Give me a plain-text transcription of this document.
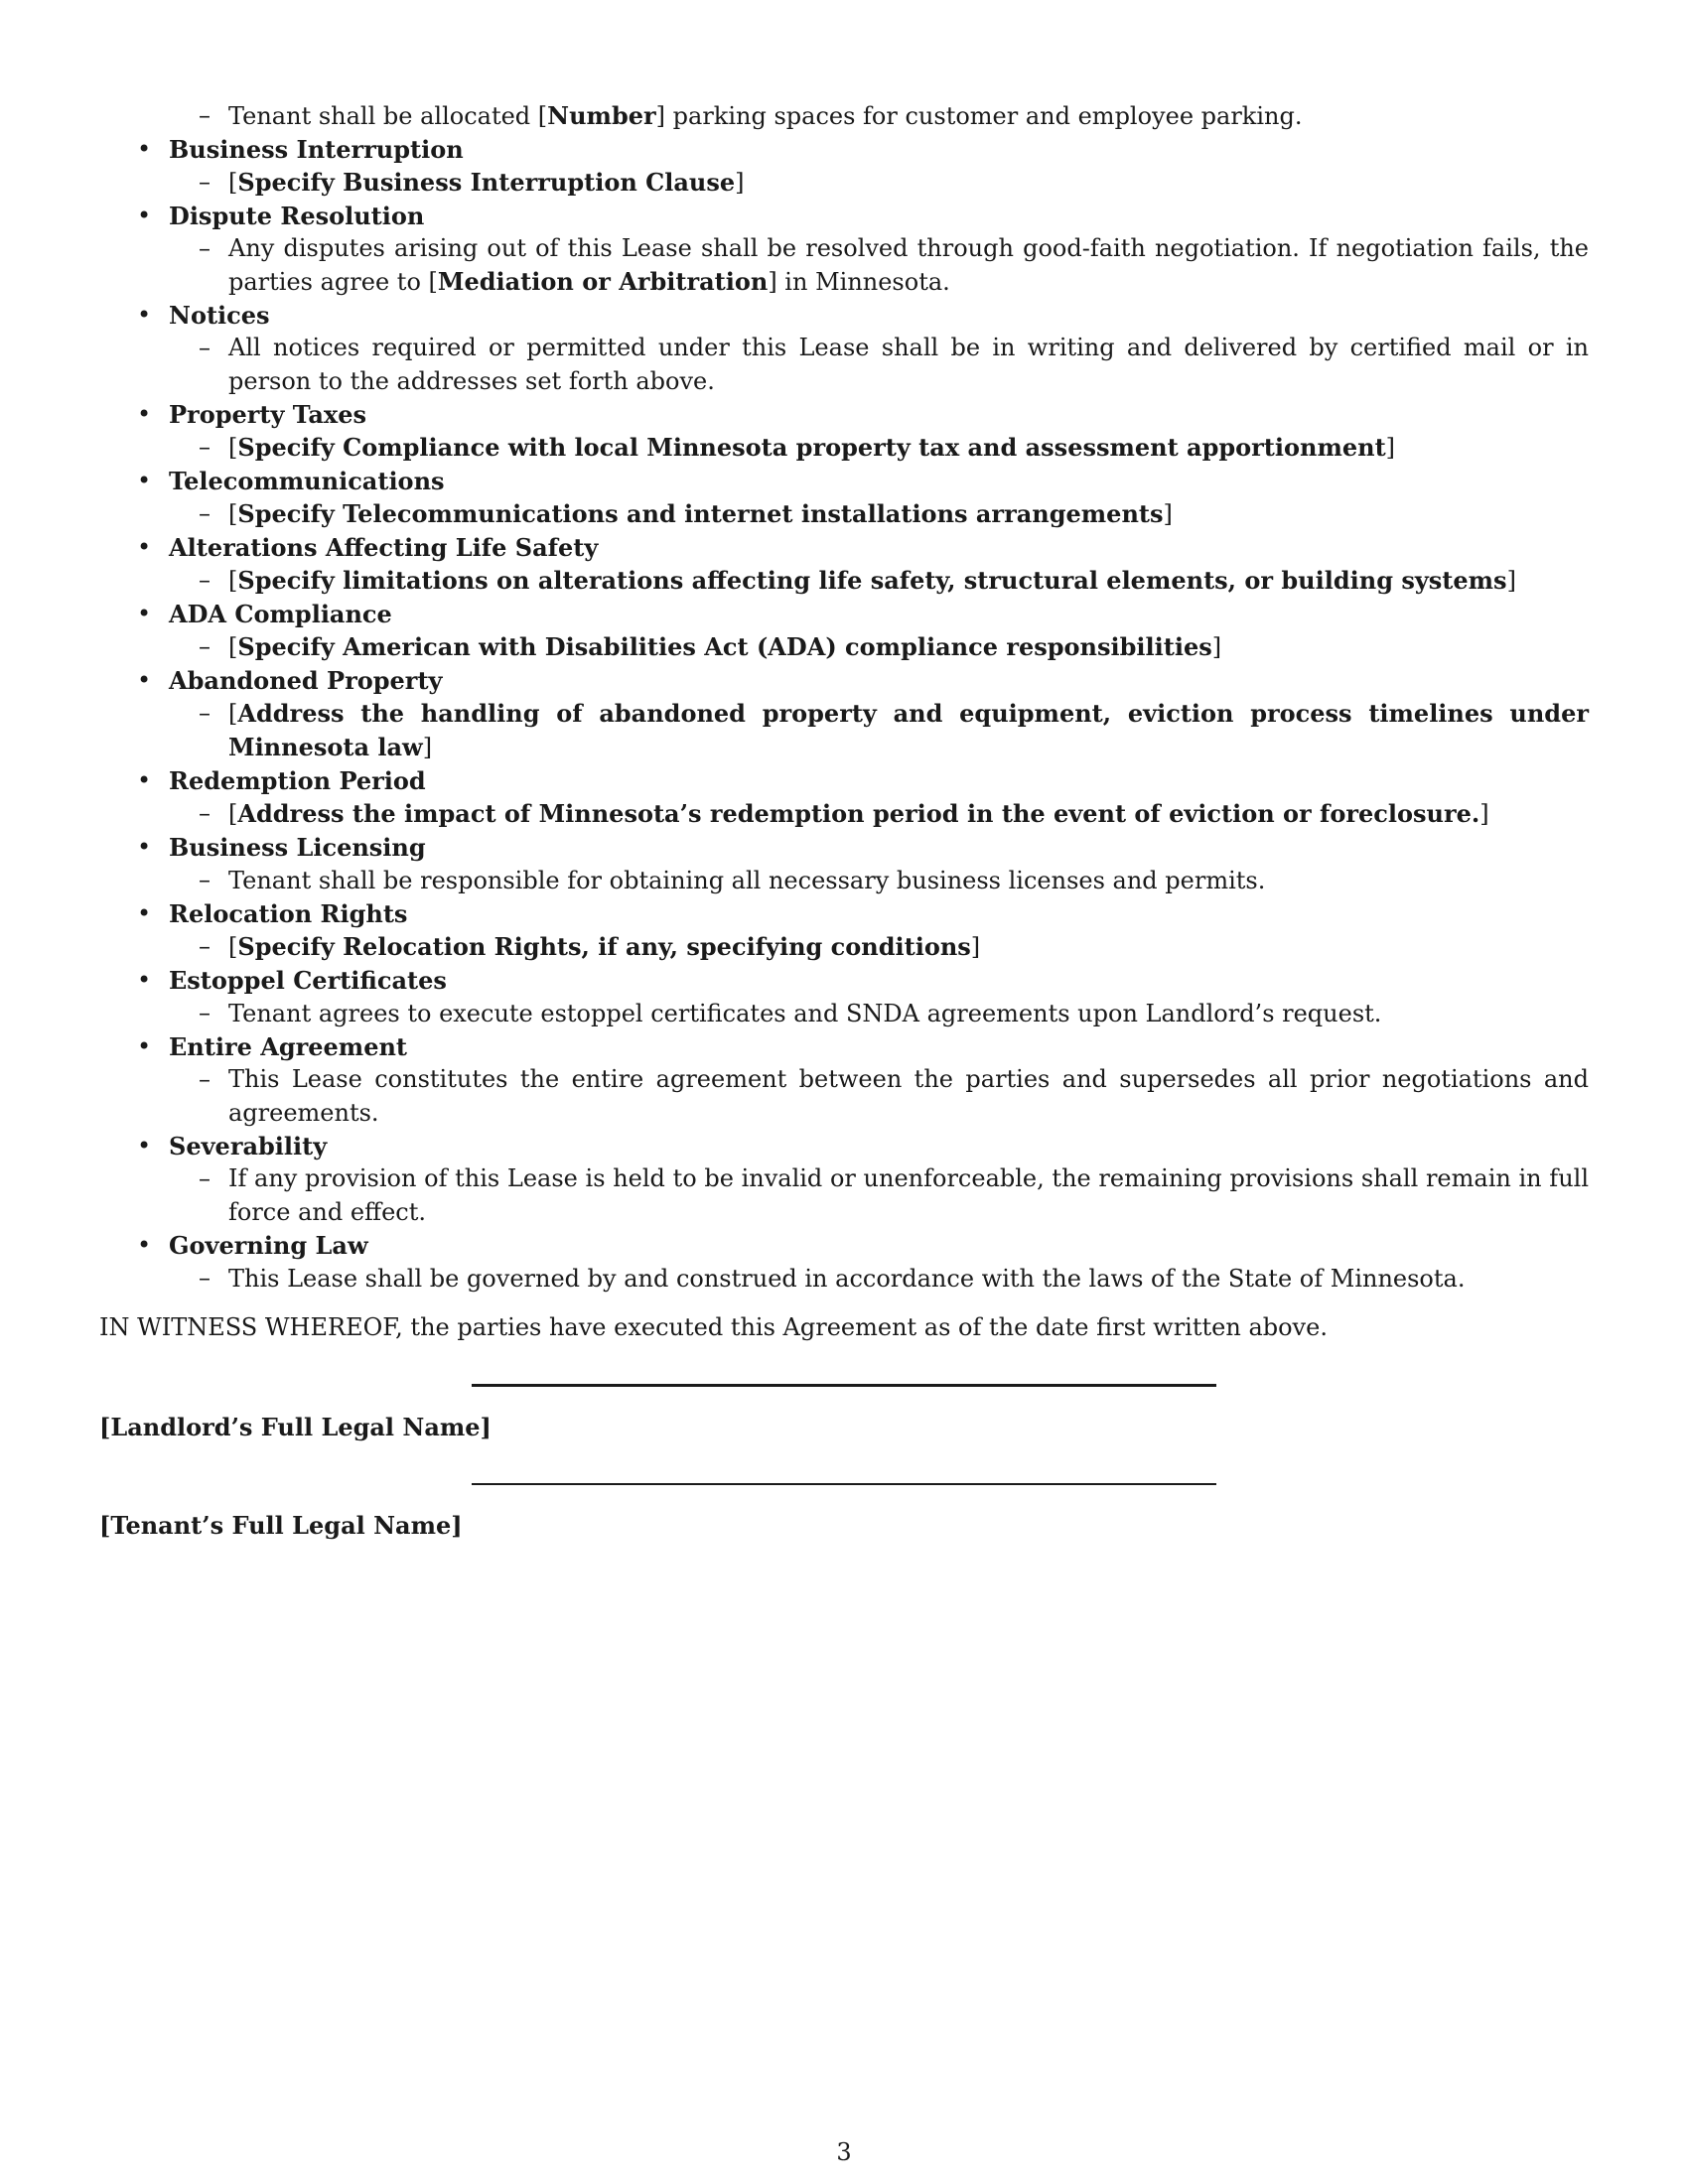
– Tenant shall be allocated [Number] parking spaces for customer and employee parking.
• Business Interruption
– [Specify Business Interruption Clause]
• Dispute Resolution
– Any disputes arising out of this Lease shall be resolved through good-faith negotiation. If negotiation fails, the parties agree to [Mediation or Arbitration] in Minnesota.
• Notices
– All notices required or permitted under this Lease shall be in writing and delivered by certified mail or in person to the addresses set forth above.
• Property Taxes
– [Specify Compliance with local Minnesota property tax and assessment apportionment]
• Telecommunications
– [Specify Telecommunications and internet installations arrangements]
• Alterations Affecting Life Safety
– [Specify limitations on alterations affecting life safety, structural elements, or building systems]
• ADA Compliance
– [Specify American with Disabilities Act (ADA) compliance responsibilities]
• Abandoned Property
– [Address the handling of abandoned property and equipment, eviction process timelines under Minnesota law]
• Redemption Period
– [Address the impact of Minnesota’s redemption period in the event of eviction or foreclosure.]
• Business Licensing
– Tenant shall be responsible for obtaining all necessary business licenses and permits.
• Relocation Rights
– [Specify Relocation Rights, if any, specifying conditions]
• Estoppel Certificates
– Tenant agrees to execute estoppel certificates and SNDA agreements upon Landlord’s request.
• Entire Agreement
– This Lease constitutes the entire agreement between the parties and supersedes all prior negotiations and agreements.
• Severability
– If any provision of this Lease is held to be invalid or unenforceable, the remaining provisions shall remain in full force and effect.
• Governing Law
– This Lease shall be governed by and construed in accordance with the laws of the State of Minnesota.
IN WITNESS WHEREOF, the parties have executed this Agreement as of the date first written above.
[Landlord’s Full Legal Name]
[Tenant’s Full Legal Name]
3
